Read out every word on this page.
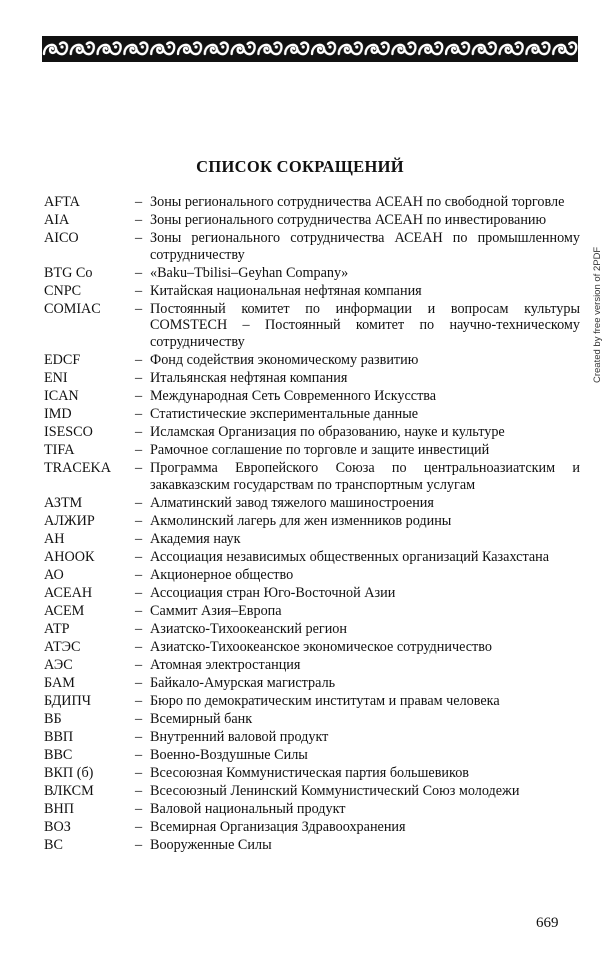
СПИСОК СОКРАЩЕНИЙ
AFTA	– Зоны регионального сотрудничества АСЕАН по свободной торговле
AIA	– Зоны регионального сотрудничества АСЕАН по инвестированию
AICO	– Зоны регионального сотрудничества АСЕАН по промышленному сотрудничеству
BTG Co	– «Baku–Tbilisi–Geyhan Company»
CNPC	– Китайская национальная нефтяная компания
COMIAC	– Постоянный комитет по информации и вопросам культуры COMSTECH – Постоянный комитет по научно-техническому сотрудничеству
EDCF	– Фонд содействия экономическому развитию
ENI	– Итальянская нефтяная компания
ICAN	– Международная Сеть Современного Искусства
IMD	– Статистические экспериментальные данные
ISESCO	– Исламская Организация по образованию, науке и культуре
TIFA	– Рамочное соглашение по торговле и защите инвестиций
TRACEKA	– Программа Европейского Союза по центральноазиатским и закавказским государствам по транспортным услугам
АЗТМ	– Алматинский завод тяжелого машиностроения
АЛЖИР	– Акмолинский лагерь для жен изменников родины
АН	– Академия наук
АНООК	– Ассоциация независимых общественных организаций Казахстана
АО	– Акционерное общество
АСЕАН	– Ассоциация стран Юго-Восточной Азии
АСЕМ	– Саммит Азия–Европа
АТР	– Азиатско-Тихоокеанский регион
АТЭС	– Азиатско-Тихоокеанское экономическое сотрудничество
АЭС	– Атомная электростанция
БАМ	– Байкало-Амурская магистраль
БДИПЧ	– Бюро по демократическим институтам и правам человека
ВБ	– Всемирный банк
ВВП	– Внутренний валовой продукт
ВВС	– Военно-Воздушные Силы
ВКП (б)	– Всесоюзная Коммунистическая партия большевиков
ВЛКСМ	– Всесоюзный Ленинский Коммунистический Союз молодежи
ВНП	– Валовой национальный продукт
ВОЗ	– Всемирная Организация Здравоохранения
ВС	– Вооруженные Силы
Created by free version of 2PDF
669
